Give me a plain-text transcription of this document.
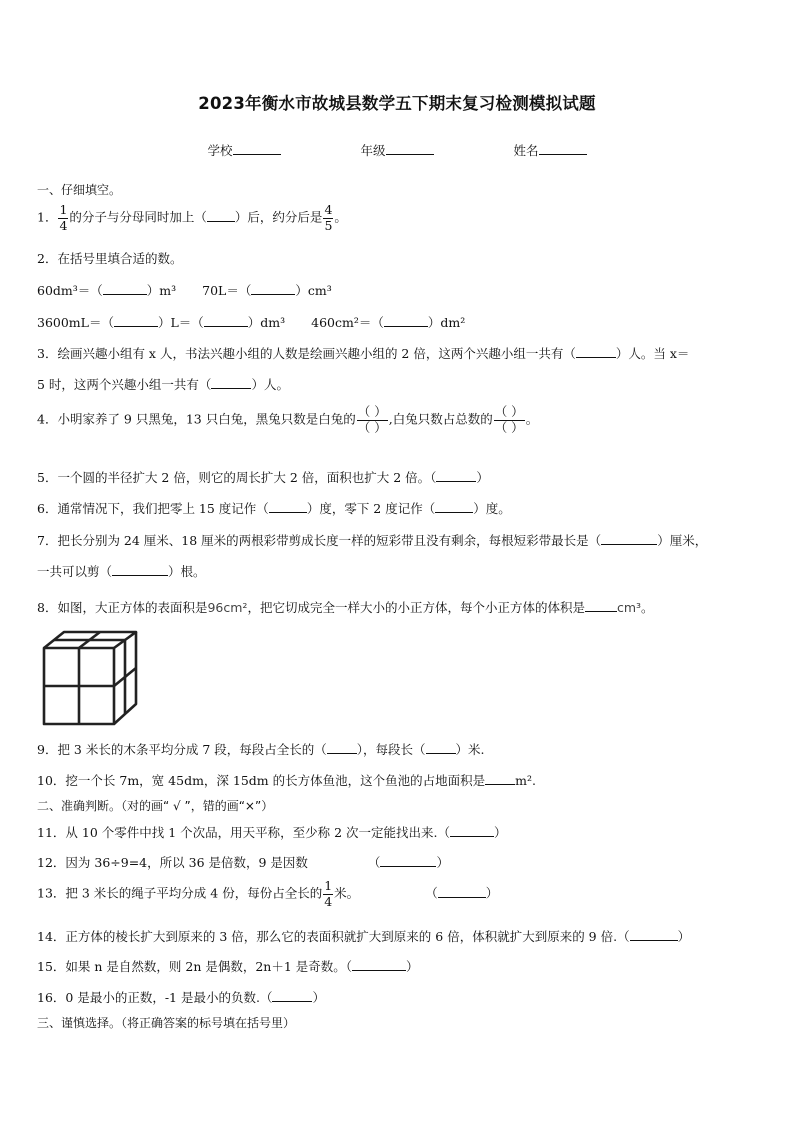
2023年衡水市故城县数学五下期末复习检测模拟试题
学校	年级	姓名
一、仔细填空。
1． $\frac{1}{4}$ 的分子与分母同时加上（ ）后，约分后是 $\frac{4}{5}$ 。
2．在括号里填合适的数。
60dm³＝（	）m³ 70L＝（	）cm³
3600mL＝（	）L＝（	）dm³ 460cm²＝（	）dm²
3．绘画兴趣小组有 x 人，书法兴趣小组的人数是绘画兴趣小组的 2 倍，这两个兴趣小组一共有（	）人。当 x＝
5 时，这两个兴趣小组一共有（	）人。
4．小明家养了 9 只黑兔，13 只白兔，黑兔只数是白兔的 $\frac{( )}{( )}$ ,白兔只数占总数的 $\frac{( )}{( )}$ 。
5．一个圆的半径扩大 2 倍，则它的周长扩大 2 倍，面积也扩大 2 倍。（	）
6．通常情况下，我们把零上 15 度记作（	）度，零下 2 度记作（	）度。
7．把长分别为 24 厘米、18 厘米的两根彩带剪成长度一样的短彩带且没有剩余，每根短彩带最长是（	）厘米，
一共可以剪（	）根。
8．如图，大正方体的表面积是96cm²，把它切成完全一样大小的小正方体，每个小正方体的体积是	cm³。
9．把 3 米长的木条平均分成 7 段，每段占全长的（ ），每段长（ ）米.
10．挖一个长 7m，宽 45dm，深 15dm 的长方体鱼池，这个鱼池的占地面积是 m².
二、准确判断。（对的画“ √ ”，错的画“×”）
11．从 10 个零件中找 1 个次品，用天平称，至少称 2 次一定能找出来.（	）
12．因为 36÷9=4，所以 36 是倍数，9 是因数	（	）
13．把 3 米长的绳子平均分成 4 份，每份占全长的 $\frac{1}{4}$ 米。	（	）
14．正方体的棱长扩大到原来的 3 倍，那么它的表面积就扩大到原来的 6 倍，体积就扩大到原来的 9 倍.（	）
15．如果 n 是自然数，则 2n 是偶数，2n＋1 是奇数。（	）
16．0 是最小的正数，-1 是最小的负数.（	）
三、谨慎选择。（将正确答案的标号填在括号里）
